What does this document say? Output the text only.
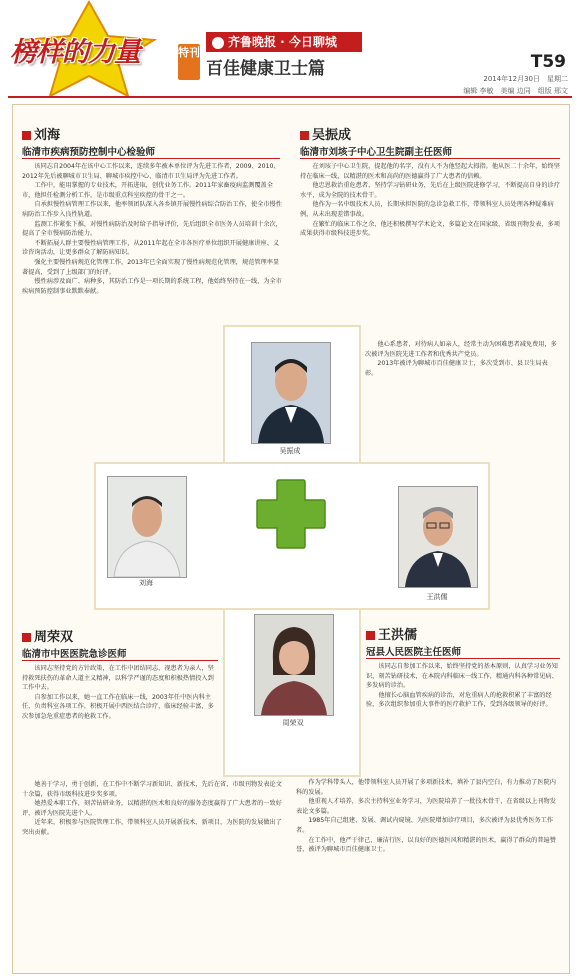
榜样的力量	特刊
齐鲁晚报 · 今日聊城
百佳健康卫士篇	T59
2014年12月30日　星期二
编辑 李敏　美编 边同　组版 邢文
吴振成
刘海
王洪儒
周荣双
刘海
临清市疾病预防控制中心检验师

该同志自2004年在该中心工作以来，连续多年被本单位评为先进工作者，2009、2010、2012年先后被聊城市卫生局、聊城市疾控中心、临清市卫生局评为先进工作者。

工作中，能用掌握的专业技术，开拓进取，创优业务工作。2011年家畜疫病监测覆盖全市，他担任检测分析工作，是市级重点科室疾控的骨干之一。

自承担慢性病管理工作以来，他率领团队深入各乡镇开展慢性病综合防治工作，使全市慢性病防治工作步入良性轨道。

监测工作紧张下推，对慢性病防治及时给予指导评价，先后组织全市医务人员培训十余次，提高了全市慢病防治能力。

不断拓展人群主要慢性病管理工作，从2011年起在全市各医疗单位组织开展健康讲座、义诊咨询活动，让更多群众了解防病知识。

强化主要慢性病规范化管理工作，2013年已全面实现了慢性病规范化管理，规范管理率显著提高，受到了上级部门的好评。

慢性病涉及面广、病种多，其防治工作是一项长期的系统工程，他始终坚持在一线，为全市疾病预防控制事业默默奉献。

吴振成
临清市刘垓子中心卫生院副主任医师

在刘垓子中心卫生院，提起他的名字，没有人不为他竖起大拇指。他从医二十余年，始终坚持在临床一线，以精湛的医术和高尚的医德赢得了广大患者的信赖。

他忠恩救治重危患者，坚持学习钻研业务，先后在上级医院进修学习，不断提高自身的诊疗水平，成为全院的技术骨干。

他作为一名中级技术人员，长期承担医院的急诊急救工作，带领科室人员处理各种疑难病例，从未出现差错事故。

在繁忙的临床工作之余，他还积极撰写学术论文，多篇论文在国家级、省级刊物发表，多项成果获得市级科技进步奖。

他心系患者，对待病人如亲人，经常主动为困难患者减免费用，多次被评为医院先进工作者和优秀共产党员。

2013年被评为聊城市百佳健康卫士，多次受到市、县卫生局表彰。

周荣双
临清市中医医院急诊医师

该同志坚持党的方针政策，在工作中团结同志，视患者为亲人，坚持救死扶伤的革命人道主义精神，以科学严谨的态度和积极热情投入到工作中去。

自参加工作以来，她一直工作在临床一线，2003年任中医内科主任，负责科室各项工作，积极开展中西医结合诊疗，临床经验丰富，多次参加急危重症患者的抢救工作。

她善于学习，勇于创新，在工作中不断学习新知识、新技术，先后在省、市级刊物发表论文十余篇，获得市级科技进步奖多项。

她热爱本职工作，刻苦钻研业务，以精湛的医术和良好的服务态度赢得了广大患者的一致好评，被评为医院先进个人。

近年来，积极参与医院管理工作，带领科室人员开展新技术、新项目，为医院的发展做出了突出贡献。

王洪儒
冠县人民医院主任医师

该同志自参加工作以来，始终坚持党的基本原则，认真学习业务知识，刻苦钻研技术，在本院内科临床一线工作，精通内科各种常见病、多发病的诊治。

他擅长心脑血管疾病的诊治，对危重病人的抢救积累了丰富的经验，多次组织参加重大事件的医疗救护工作，受到各级领导的好评。

作为学科带头人，他带领科室人员开展了多项新技术，填补了县内空白，有力推动了医院内科的发展。

他重视人才培养，多次主持科室业务学习，为医院培养了一批技术骨干，在省级以上刊物发表论文多篇。

1985年自己组建、发展、调试内窥镜、为医院增加诊疗项目，多次被评为县优秀医务工作者。

在工作中，他严于律己，廉洁行医，以良好的医德医风和精湛的医术，赢得了群众的普遍赞誉，被评为聊城市百佳健康卫士。
